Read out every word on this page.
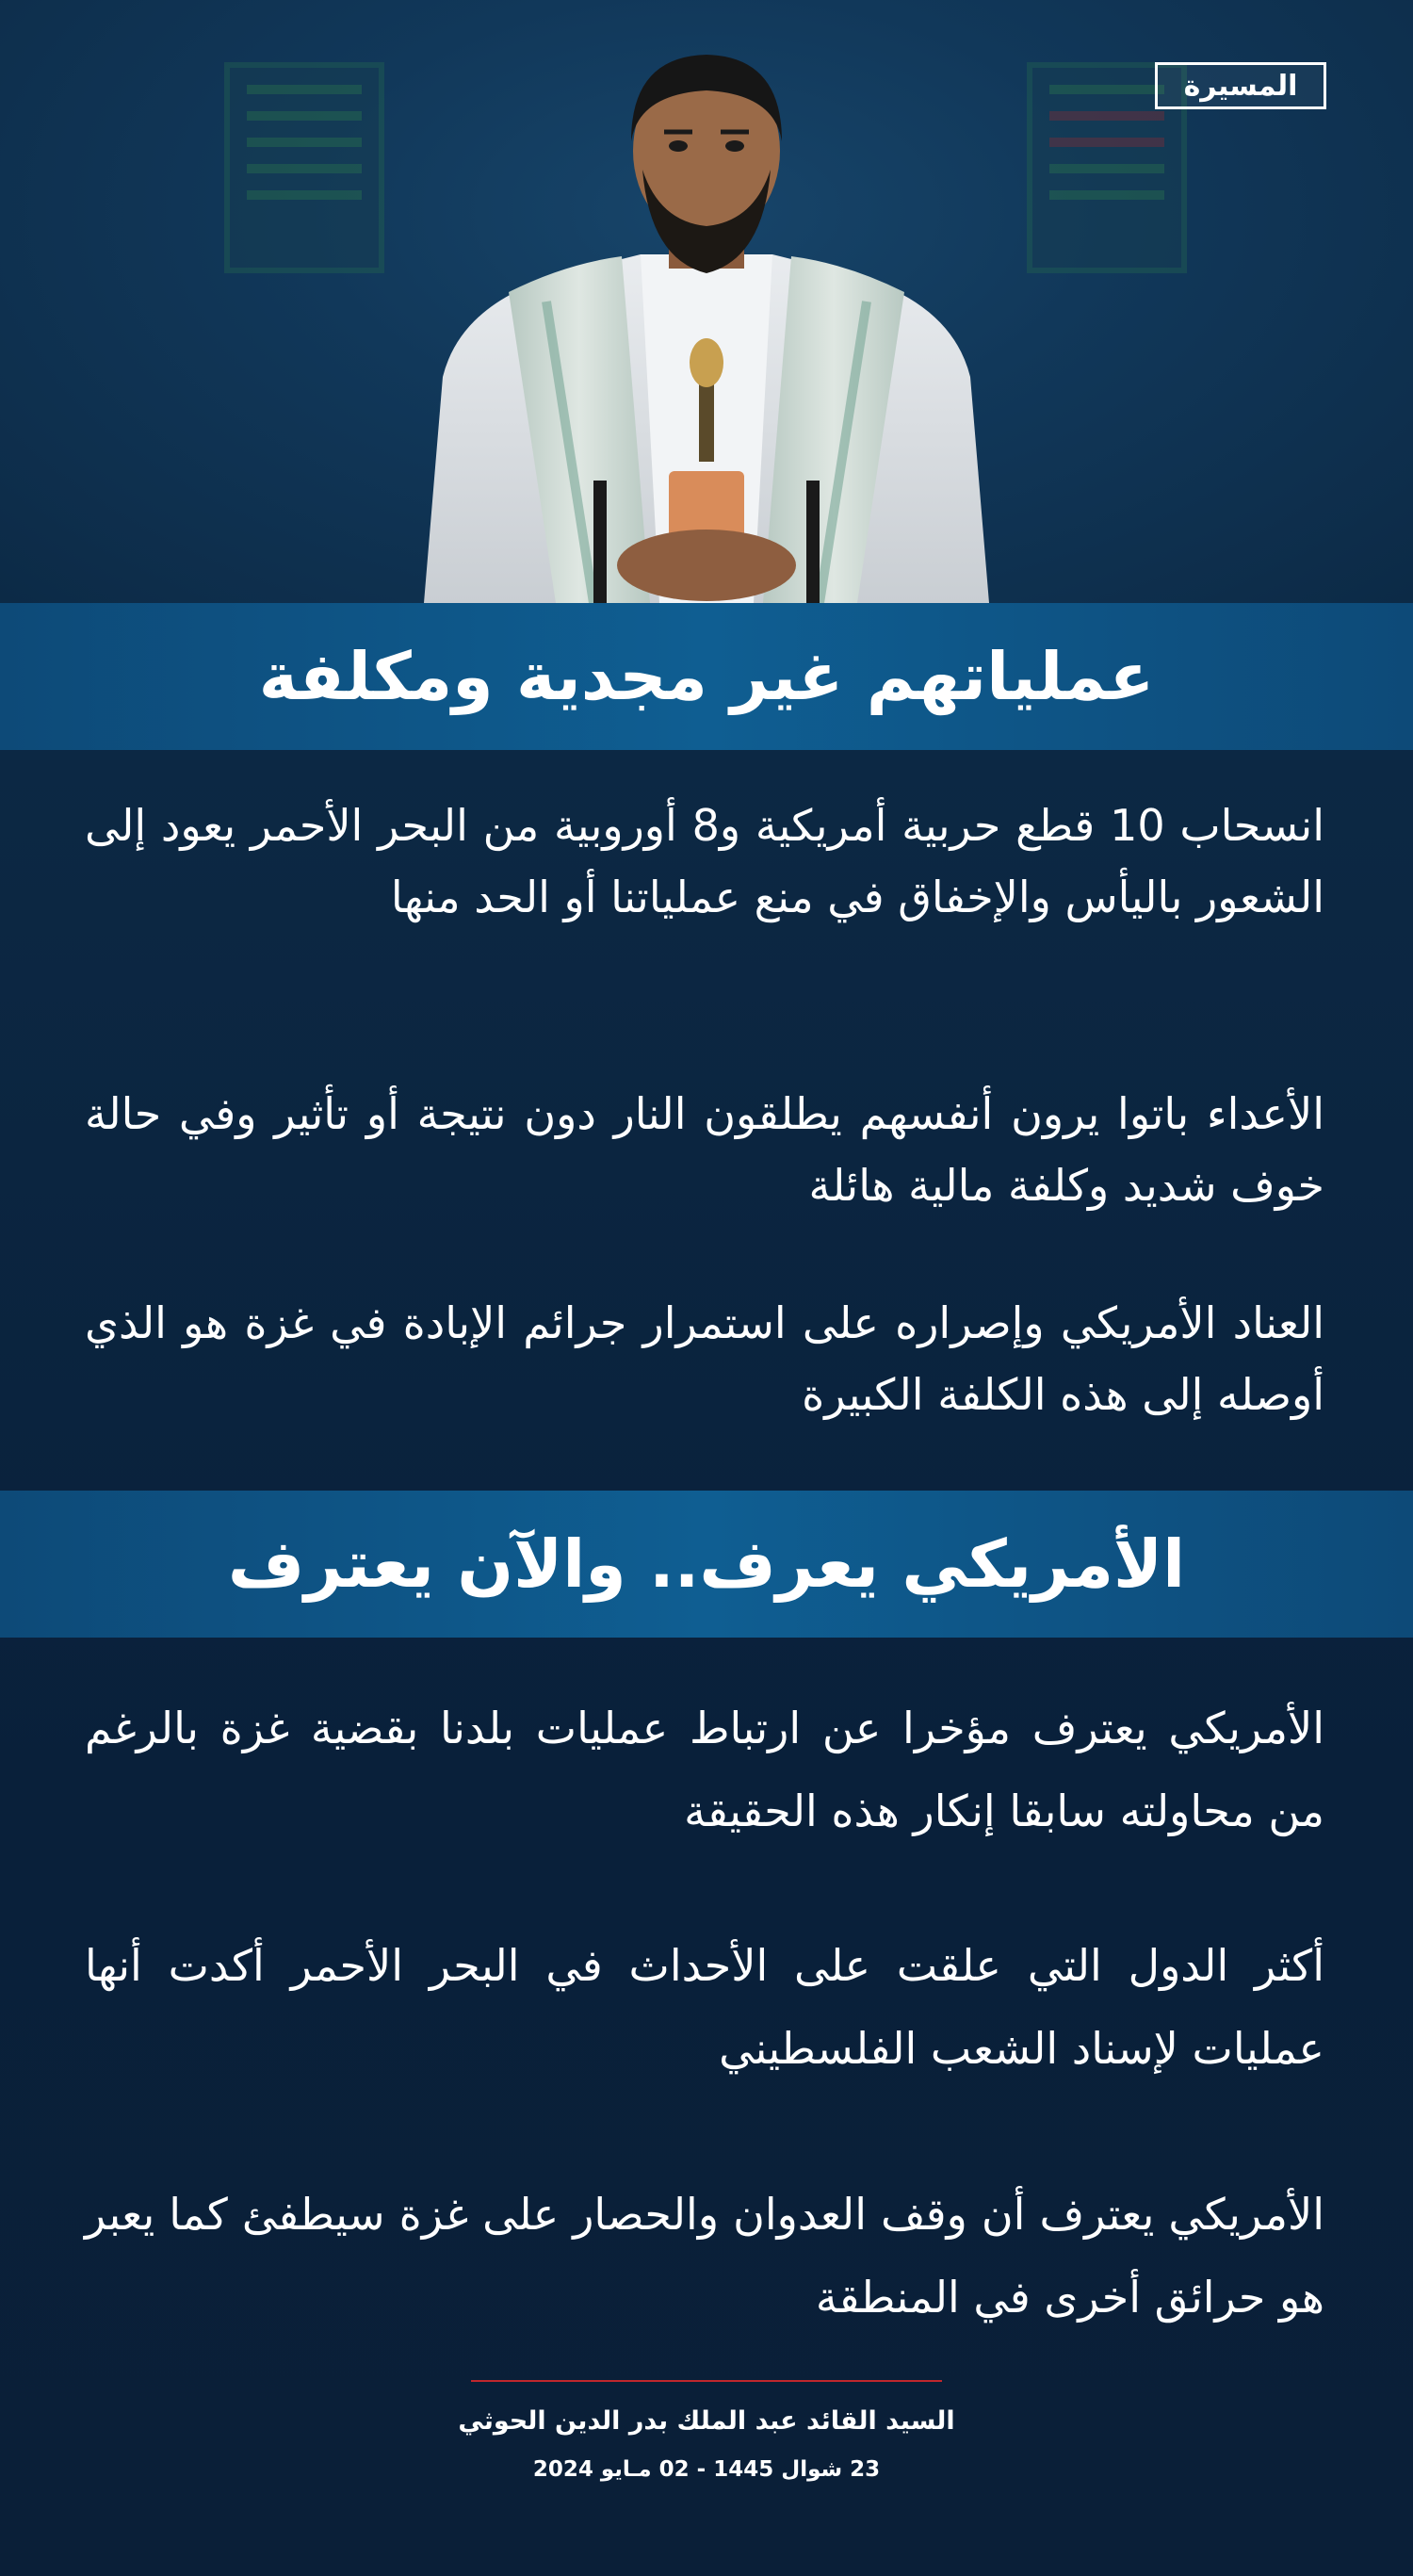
المسيرة
عملياتهم غير مجدية ومكلفة

انسحاب 10 قطع حربية أمريكية و8 أوروبية من البحر الأحمر يعود إلى الشعور باليأس والإخفاق في منع عملياتنا أو الحد منها

الأعداء باتوا يرون أنفسهم يطلقون النار دون نتيجة أو تأثير وفي حالة خوف شديد وكلفة مالية هائلة

العناد الأمريكي وإصراره على استمرار جرائم الإبادة في غزة هو الذي أوصله إلى هذه الكلفة الكبيرة

الأمريكي يعرف.. والآن يعترف

الأمريكي يعترف مؤخرا عن ارتباط عمليات بلدنا بقضية غزة بالرغم من محاولته سابقا إنكار هذه الحقيقة

أكثر الدول التي علقت على الأحداث في البحر الأحمر أكدت أنها عمليات لإسناد الشعب الفلسطيني

الأمريكي يعترف أن وقف العدوان والحصار على غزة سيطفئ كما يعبر هو حرائق أخرى في المنطقة

السيد القائد عبد الملك بدر الدين الحوثي
23 شوال 1445 - 02 مـايو 2024
